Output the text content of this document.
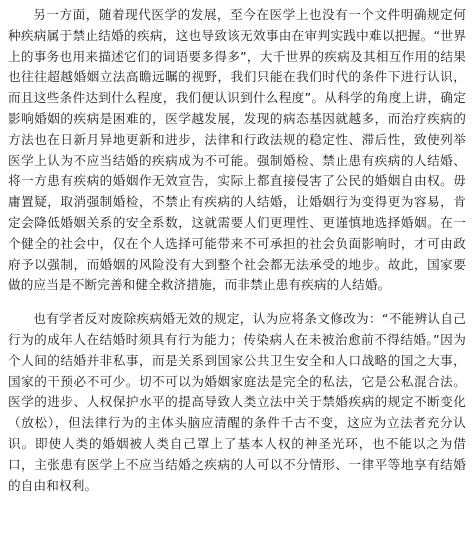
另一方面，随着现代医学的发展，至今在医学上也没有一个文件明确规定何种疾病属于禁止结婚的疾病，这也导致该无效事由在审判实践中难以把握。“世界上的事务也用来描述它们的词语要多得多”，大千世界的疾病及其相互作用的结果也往往超越婚姻立法高瞻远瞩的视野，我们只能在我们时代的条件下进行认识，而且这些条件达到什么程度，我们便认识到什么程度”。从科学的角度上讲，确定影响婚姻的疾病是困难的，医学越发展，发现的病态基因就越多，而治疗疾病的方法也在日新月异地更新和进步，法律和行政法规的稳定性、滞后性，致使列举医学上认为不应当结婚的疾病成为不可能。强制婚检、禁止患有疾病的人结婚、将一方患有疾病的婚姻作无效宣告，实际上都直接侵害了公民的婚姻自由权。毋庸置疑，取消强制婚检，不禁止有疾病的人结婚，让婚姻行为变得更为容易，肯定会降低婚姻关系的安全系数，这就需要人们更理性、更谨慎地选择婚姻。在一个健全的社会中，仅在个人选择可能带来不可承担的社会负面影响时，才可由政府予以强制，而婚姻的风险没有大到整个社会都无法承受的地步。故此，国家要做的应当是不断完善和健全救济措施，而非禁止患有疾病的人结婚。

也有学者反对废除疾病婚无效的规定，认为应将条文修改为：“不能辨认自己行为的成年人在结婚时须具有行为能力；传染病人在未被治愈前不得结婚。”因为个人间的结婚并非私事，而是关系到国家公共卫生安全和人口战略的国之大事，国家的干预必不可少。切不可以为婚姻家庭法是完全的私法，它是公私混合法。医学的进步、人权保护水平的提高导致人类立法中关于禁婚疾病的规定不断变化（放松），但法律行为的主体头脑应清醒的条件千古不变，这应为立法者充分认识。即使人类的婚姻被人类自己罩上了基本人权的神圣光环，也不能以之为借口，主张患有医学上不应当结婚之疾病的人可以不分情形、一律平等地享有结婚的自由和权利。
